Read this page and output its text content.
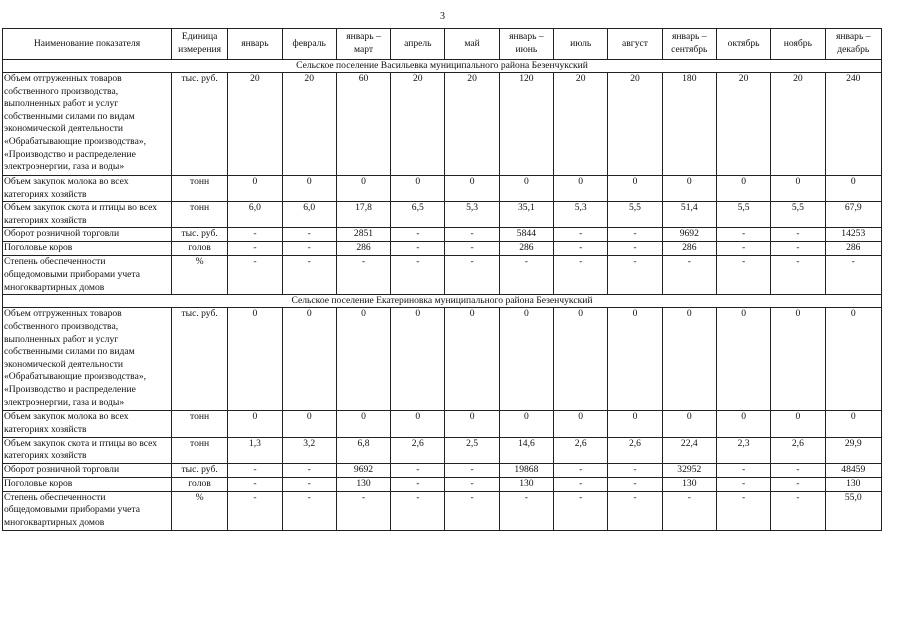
3
Наименование показателя	Единица измерения	январь	февраль	январь – март	апрель	май	январь – июнь	июль	август	январь – сентябрь	октябрь	ноябрь	январь – декабрь
Сельское поселение Васильевка муниципального района Безенчукский													
Объем отгруженных товаров собственного производства, выполненных работ и услуг собственными силами по видам экономической деятельности «Обрабатывающие производства», «Производство и распределение электроэнергии, газа и воды»	тыс. руб.	20	20	60	20	20	120	20	20	180	20	20	240
Объем закупок молока во всех категориях хозяйств	тонн	0	0	0	0	0	0	0	0	0	0	0	0
Объем закупок скота и птицы во всех категориях хозяйств	тонн	6,0	6,0	17,8	6,5	5,3	35,1	5,3	5,5	51,4	5,5	5,5	67,9
Оборот розничной торговли	тыс. руб.	-	-	2851	-	-	5844	-	-	9692	-	-	14253
Поголовье коров	голов	-	-	286	-	-	286	-	-	286	-	-	286
Степень обеспеченности общедомовыми приборами учета многоквартирных домов	%	-	-	-	-	-	-	-	-	-	-	-	-
Сельское поселение Екатериновка муниципального района Безенчукский													
Объем отгруженных товаров собственного производства, выполненных работ и услуг собственными силами по видам экономической деятельности «Обрабатывающие производства», «Производство и распределение электроэнергии, газа и воды»	тыс. руб.	0	0	0	0	0	0	0	0	0	0	0	0
Объем закупок молока во всех категориях хозяйств	тонн	0	0	0	0	0	0	0	0	0	0	0	0
Объем закупок скота и птицы во всех категориях хозяйств	тонн	1,3	3,2	6,8	2,6	2,5	14,6	2,6	2,6	22,4	2,3	2,6	29,9
Оборот розничной торговли	тыс. руб.	-	-	9692	-	-	19868	-	-	32952	-	-	48459
Поголовье коров	голов	-	-	130	-	-	130	-	-	130	-	-	130
Степень обеспеченности общедомовыми приборами учета многоквартирных домов	%	-	-	-	-	-	-	-	-	-	-	-	55,0
